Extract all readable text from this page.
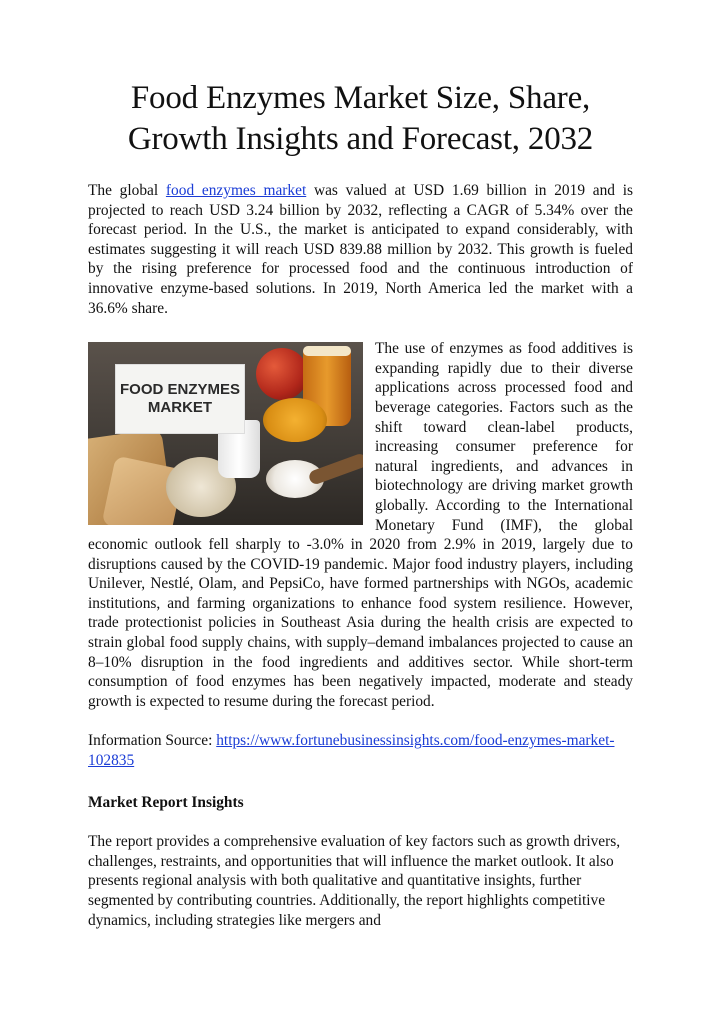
Food Enzymes Market Size, Share,
Growth Insights and Forecast, 2032

The global food enzymes market was valued at USD 1.69 billion in 2019 and is projected to reach USD 3.24 billion by 2032, reflecting a CAGR of 5.34% over the forecast period. In the U.S., the market is anticipated to expand considerably, with estimates suggesting it will reach USD 839.88 million by 2032. This growth is fueled by the rising preference for processed food and the continuous introduction of innovative enzyme-based solutions. In 2019, North America led the market with a 36.6% share.

FOOD ENZYMES MARKET

The use of enzymes as food additives is expanding rapidly due to their diverse applications across processed food and beverage categories. Factors such as the shift toward clean-label products, increasing consumer preference for natural ingredients, and advances in biotechnology are driving market growth globally. According to the International Monetary Fund (IMF), the global economic outlook fell sharply to -3.0% in 2020 from 2.9% in 2019, largely due to disruptions caused by the COVID-19 pandemic. Major food industry players, including Unilever, Nestlé, Olam, and PepsiCo, have formed partnerships with NGOs, academic institutions, and farming organizations to enhance food system resilience. However, trade protectionist policies in Southeast Asia during the health crisis are expected to strain global food supply chains, with supply–demand imbalances projected to cause an 8–10% disruption in the food ingredients and additives sector. While short-term consumption of food enzymes has been negatively impacted, moderate and steady growth is expected to resume during the forecast period.

Information Source: https://www.fortunebusinessinsights.com/food-enzymes-market-102835

Market Report Insights

The report provides a comprehensive evaluation of key factors such as growth drivers, challenges, restraints, and opportunities that will influence the market outlook. It also presents regional analysis with both qualitative and quantitative insights, further segmented by contributing countries. Additionally, the report highlights competitive dynamics, including strategies like mergers and
